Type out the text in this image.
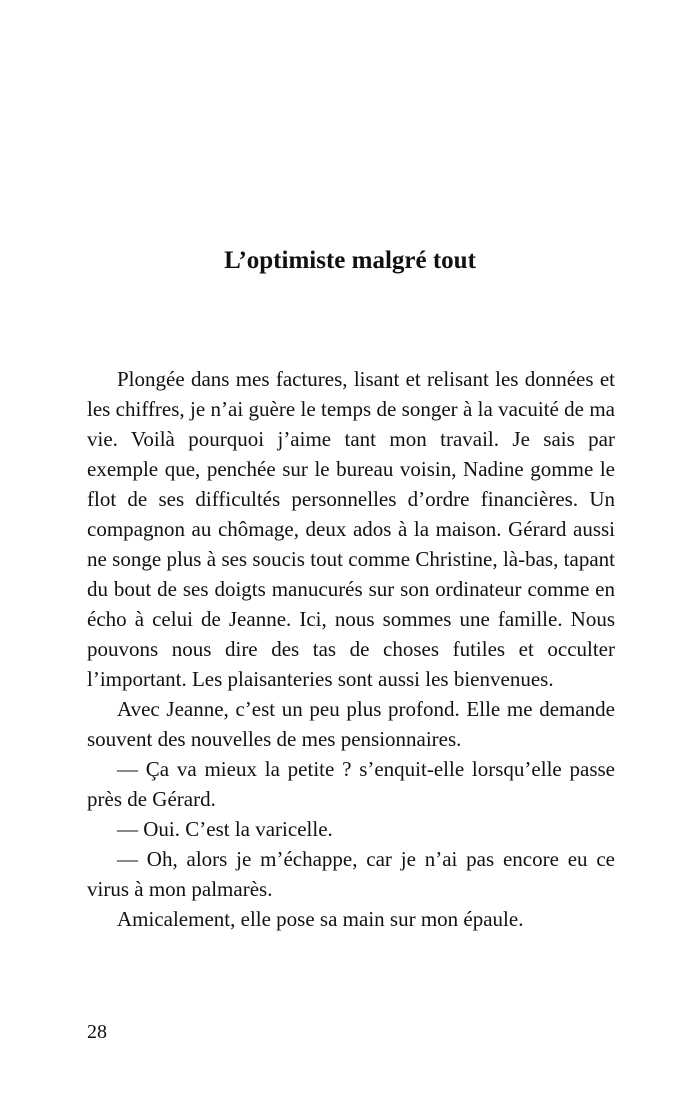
L’optimiste malgré tout

Plongée dans mes factures, lisant et relisant les données et les chiffres, je n’ai guère le temps de songer à la vacuité de ma vie. Voilà pourquoi j’aime tant mon travail. Je sais par exemple que, penchée sur le bureau voisin, Nadine gomme le flot de ses difficultés personnelles d’ordre financières. Un compagnon au chômage, deux ados à la maison. Gérard aussi ne songe plus à ses soucis tout comme Christine, là-bas, tapant du bout de ses doigts manucurés sur son ordinateur comme en écho à celui de Jeanne. Ici, nous sommes une famille. Nous pouvons nous dire des tas de choses futiles et occulter l’important. Les plaisanteries sont aussi les bienvenues.

Avec Jeanne, c’est un peu plus profond. Elle me demande souvent des nouvelles de mes pensionnaires.

— Ça va mieux la petite ? s’enquit-elle lorsqu’elle passe près de Gérard.

— Oui. C’est la varicelle.

— Oh, alors je m’échappe, car je n’ai pas encore eu ce virus à mon palmarès.

Amicalement, elle pose sa main sur mon épaule.

28
